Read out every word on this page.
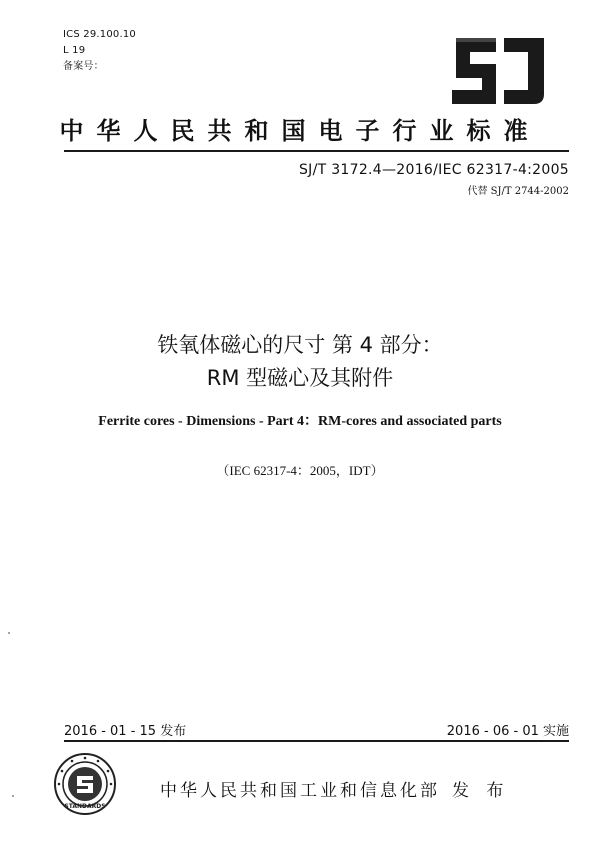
ICS 29.100.10
L 19
备案号：
中华人民共和国电子行业标准
SJ/T 3172.4—2016/IEC 62317-4:2005
代替 SJ/T 2744-2002
铁氧体磁心的尺寸 第 4 部分：
RM 型磁心及其附件
Ferrite cores - Dimensions - Part 4：RM-cores and associated parts
（IEC 62317-4：2005，IDT）
2016 - 01 - 15 发布	2016 - 06 - 01 实施
STANDARDS
中华人民共和国工业和信息化部 发 布
